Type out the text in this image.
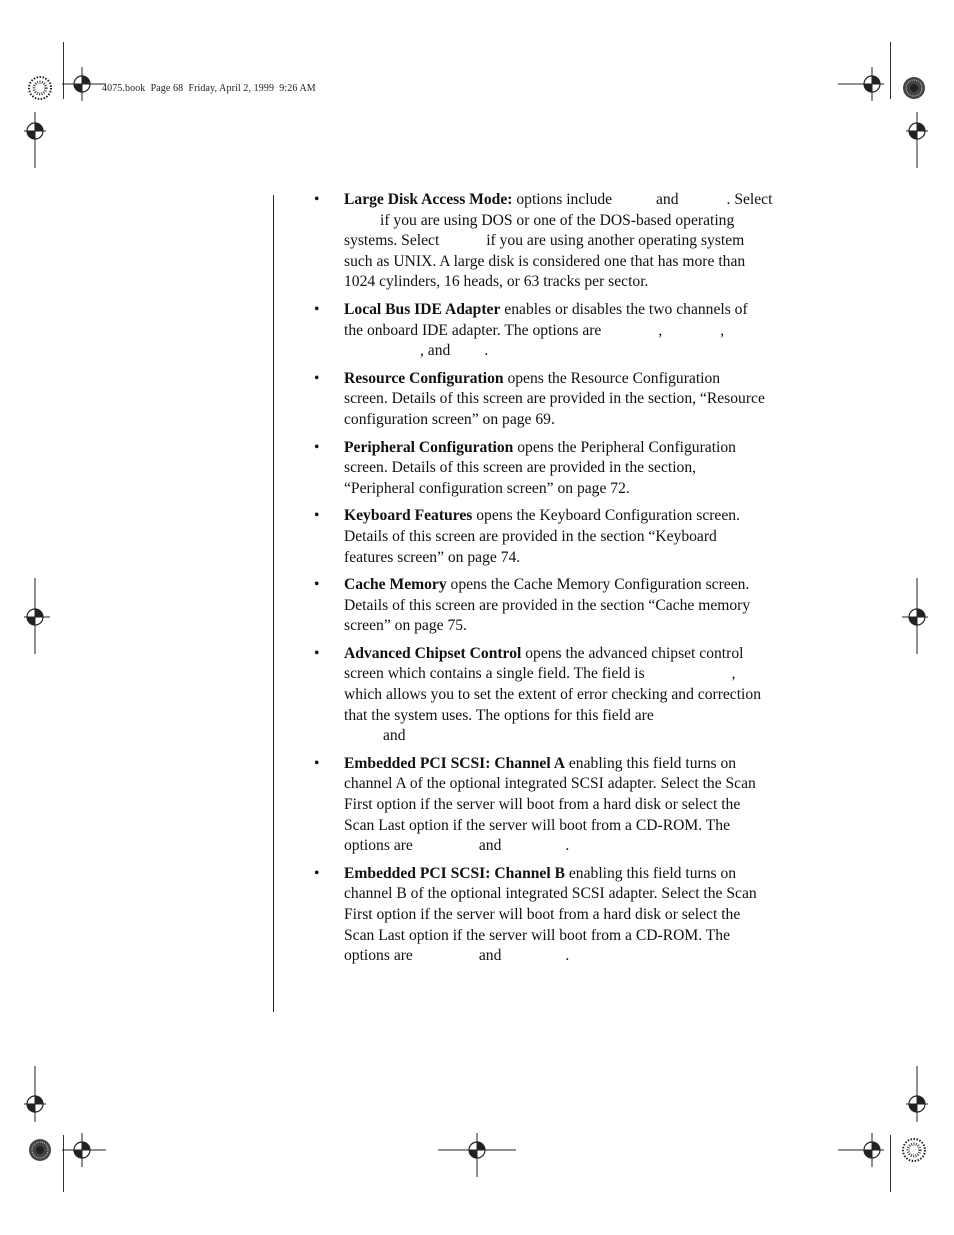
4075.book  Page 68  Friday, April 2, 1999  9:26 AM
• Large Disk Access Mode: options include	and	. Select
if you are using DOS or one of the DOS-based operating
systems. Select	if you are using another operating system
such as UNIX. A large disk is considered one that has more than
1024 cylinders, 16 heads, or 63 tracks per sector.
• Local Bus IDE Adapter enables or disables the two channels of
the onboard IDE adapter. The options are	,	,
, and .
• Resource Configuration opens the Resource Configuration
screen. Details of this screen are provided in the section, “Resource
configuration screen” on page 69.
• Peripheral Configuration opens the Peripheral Configuration
screen. Details of this screen are provided in the section,
“Peripheral configuration screen” on page 72.
• Keyboard Features opens the Keyboard Configuration screen.
Details of this screen are provided in the section “Keyboard
features screen” on page 74.
• Cache Memory opens the Cache Memory Configuration screen.
Details of this screen are provided in the section “Cache memory
screen” on page 75.
• Advanced Chipset Control opens the advanced chipset control
screen which contains a single field. The field is	,
which allows you to set the extent of error checking and correction
that the system uses. The options for this field are
and
• Embedded PCI SCSI: Channel A enabling this field turns on
channel A of the optional integrated SCSI adapter. Select the Scan
First option if the server will boot from a hard disk or select the
Scan Last option if the server will boot from a CD-ROM. The
options are	and	.
• Embedded PCI SCSI: Channel B enabling this field turns on
channel B of the optional integrated SCSI adapter. Select the Scan
First option if the server will boot from a hard disk or select the
Scan Last option if the server will boot from a CD-ROM. The
options are	and	.
